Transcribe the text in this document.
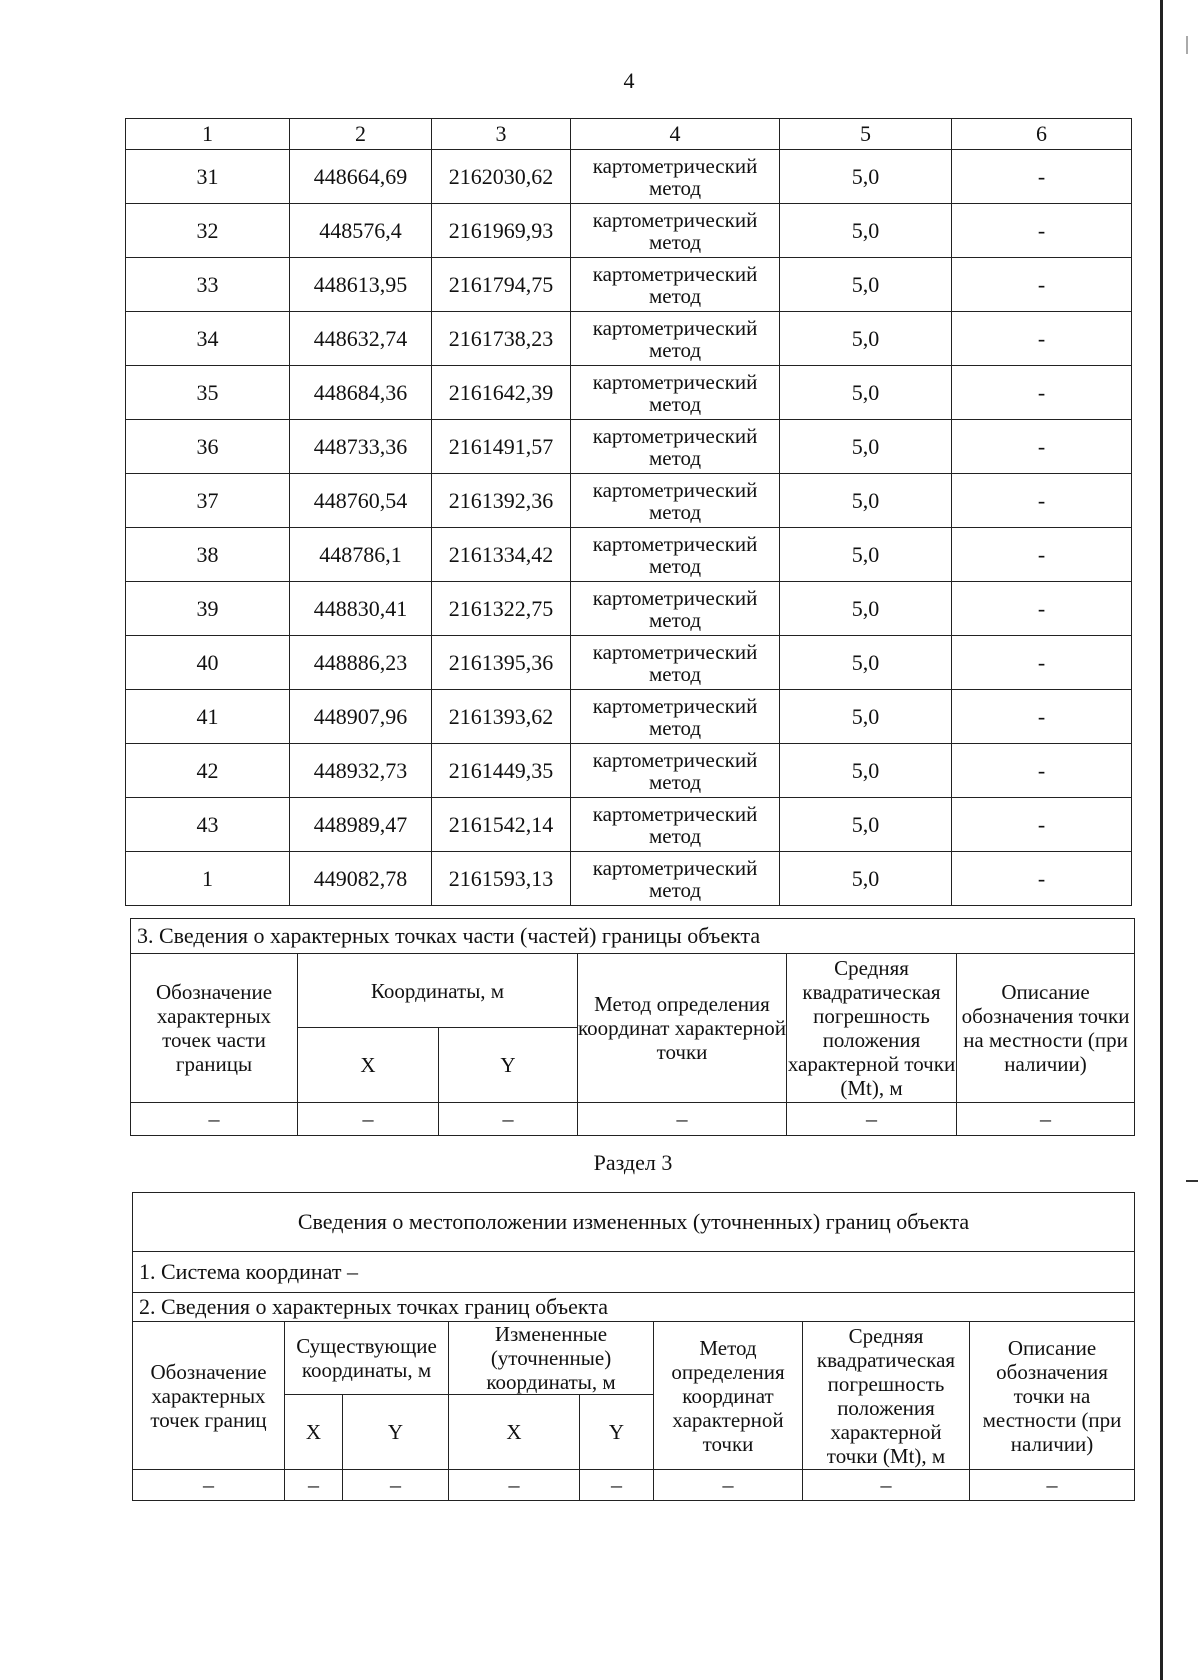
4
1	2	3	4	5	6
31	448664,69	2162030,62	картометрический метод	5,0	-
32	448576,4	2161969,93	картометрический метод	5,0	-
33	448613,95	2161794,75	картометрический метод	5,0	-
34	448632,74	2161738,23	картометрический метод	5,0	-
35	448684,36	2161642,39	картометрический метод	5,0	-
36	448733,36	2161491,57	картометрический метод	5,0	-
37	448760,54	2161392,36	картометрический метод	5,0	-
38	448786,1	2161334,42	картометрический метод	5,0	-
39	448830,41	2161322,75	картометрический метод	5,0	-
40	448886,23	2161395,36	картометрический метод	5,0	-
41	448907,96	2161393,62	картометрический метод	5,0	-
42	448932,73	2161449,35	картометрический метод	5,0	-
43	448989,47	2161542,14	картометрический метод	5,0	-
1	449082,78	2161593,13	картометрический метод	5,0	-
3. Сведения о характерных точках части (частей) границы объекта					
Обозначение характерных точек части границы	Координаты, м		Метод определения координат характерной точки	Средняя квадратическая погрешность положения характерной точки (Mt), м	Описание обозначения точки на местности (при наличии)
	X	Y			
–	–	–	–	–	–
Раздел 3
Сведения о местоположении измененных (уточненных) границ объекта							
1. Система координат –							
2. Сведения о характерных точках границ объекта							
Обозначение характерных точек границ	Существующие координаты, м		Измененные (уточненные) координаты, м		Метод определения координат характерной точки	Средняя квадратическая погрешность положения характерной точки (Mt), м	Описание обозначения точки на местности (при наличии)
	X	Y	X	Y			
–	–	–	–	–	–	–	–
